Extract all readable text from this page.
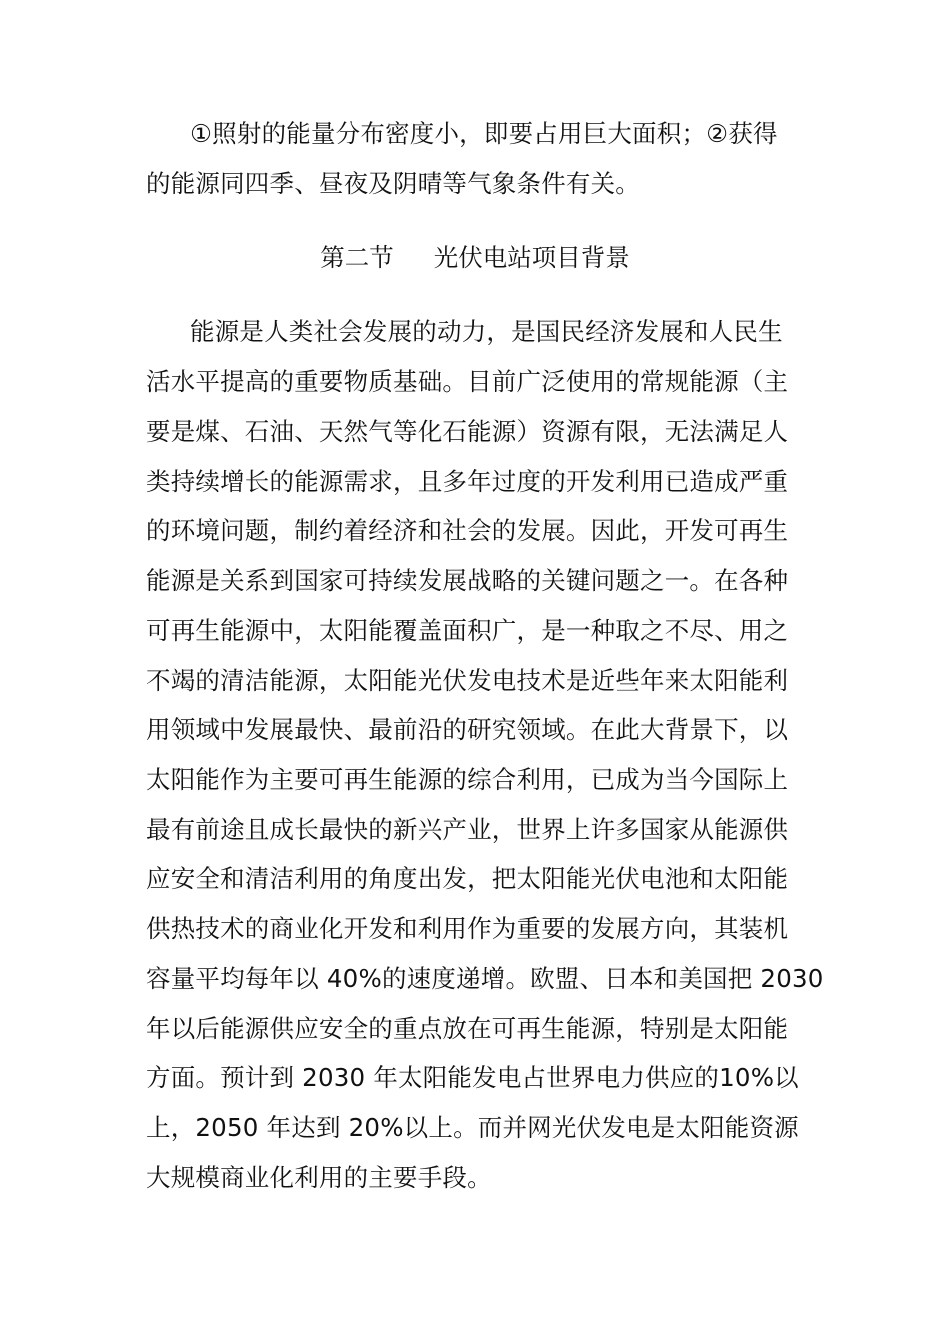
①照射的能量分布密度小，即要占用巨大面积；②获得
的能源同四季、昼夜及阴晴等气象条件有关。
第二节 光伏电站项目背景
能源是人类社会发展的动力，是国民经济发展和人民生
活水平提高的重要物质基础。目前广泛使用的常规能源（主
要是煤、石油、天然气等化石能源）资源有限，无法满足人
类持续增长的能源需求，且多年过度的开发利用已造成严重
的环境问题，制约着经济和社会的发展。因此，开发可再生
能源是关系到国家可持续发展战略的关键问题之一。在各种
可再生能源中，太阳能覆盖面积广，是一种取之不尽、用之
不竭的清洁能源，太阳能光伏发电技术是近些年来太阳能利
用领域中发展最快、最前沿的研究领域。在此大背景下，以
太阳能作为主要可再生能源的综合利用，已成为当今国际上
最有前途且成长最快的新兴产业，世界上许多国家从能源供
应安全和清洁利用的角度出发，把太阳能光伏电池和太阳能
供热技术的商业化开发和利用作为重要的发展方向，其装机
容量平均每年以 40%的速度递增。欧盟、日本和美国把 2030
年以后能源供应安全的重点放在可再生能源，特别是太阳能
方面。预计到 2030 年太阳能发电占世界电力供应的10%以
上，2050 年达到 20%以上。而并网光伏发电是太阳能资源
大规模商业化利用的主要手段。
